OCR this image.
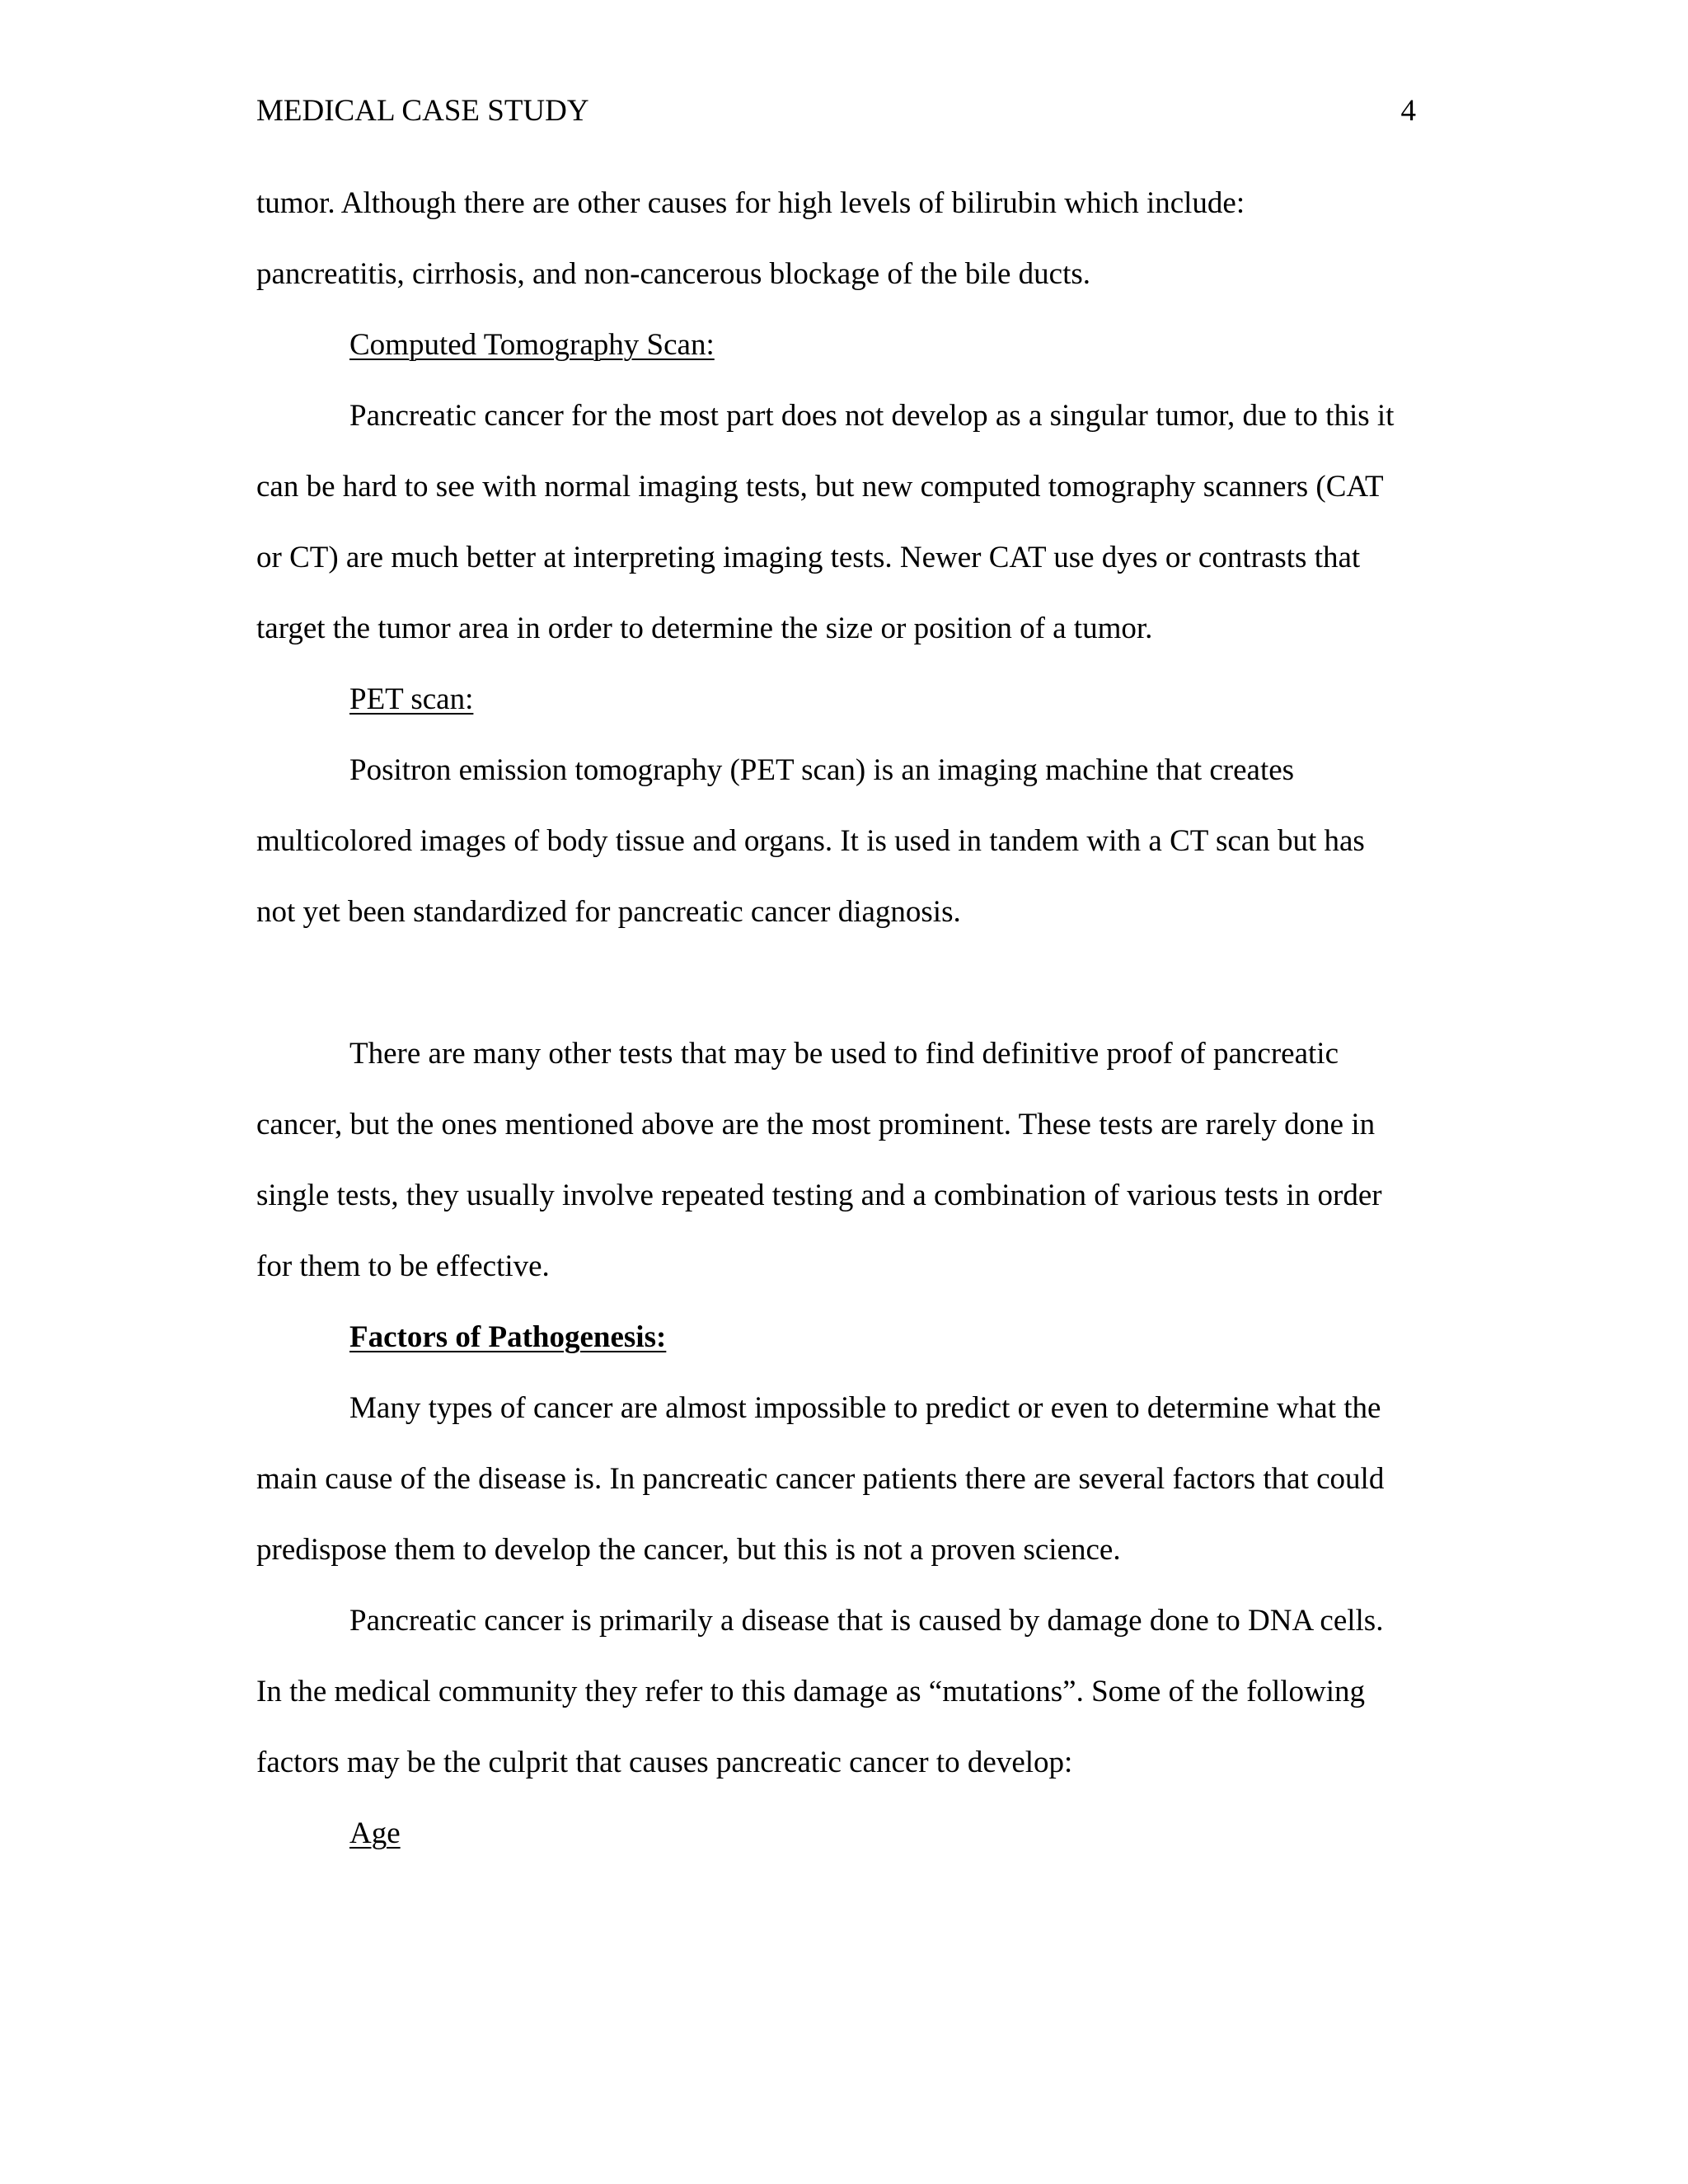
MEDICAL CASE STUDY	4
tumor. Although there are other causes for high levels of bilirubin which include:
pancreatitis, cirrhosis, and non-cancerous blockage of the bile ducts.
Computed Tomography Scan:
Pancreatic cancer for the most part does not develop as a singular tumor, due to this it
can be hard to see with normal imaging tests, but new computed tomography scanners (CAT
or CT) are much better at interpreting imaging tests. Newer CAT use dyes or contrasts that
target the tumor area in order to determine the size or position of a tumor.
PET scan:
Positron emission tomography (PET scan) is an imaging machine that creates
multicolored images of body tissue and organs. It is used in tandem with a CT scan but has
not yet been standardized for pancreatic cancer diagnosis.
There are many other tests that may be used to find definitive proof of pancreatic
cancer, but the ones mentioned above are the most prominent. These tests are rarely done in
single tests, they usually involve repeated testing and a combination of various tests in order
for them to be effective.
Factors of Pathogenesis:
Many types of cancer are almost impossible to predict or even to determine what the
main cause of the disease is. In pancreatic cancer patients there are several factors that could
predispose them to develop the cancer, but this is not a proven science.
Pancreatic cancer is primarily a disease that is caused by damage done to DNA cells.
In the medical community they refer to this damage as “mutations”. Some of the following
factors may be the culprit that causes pancreatic cancer to develop:
Age
